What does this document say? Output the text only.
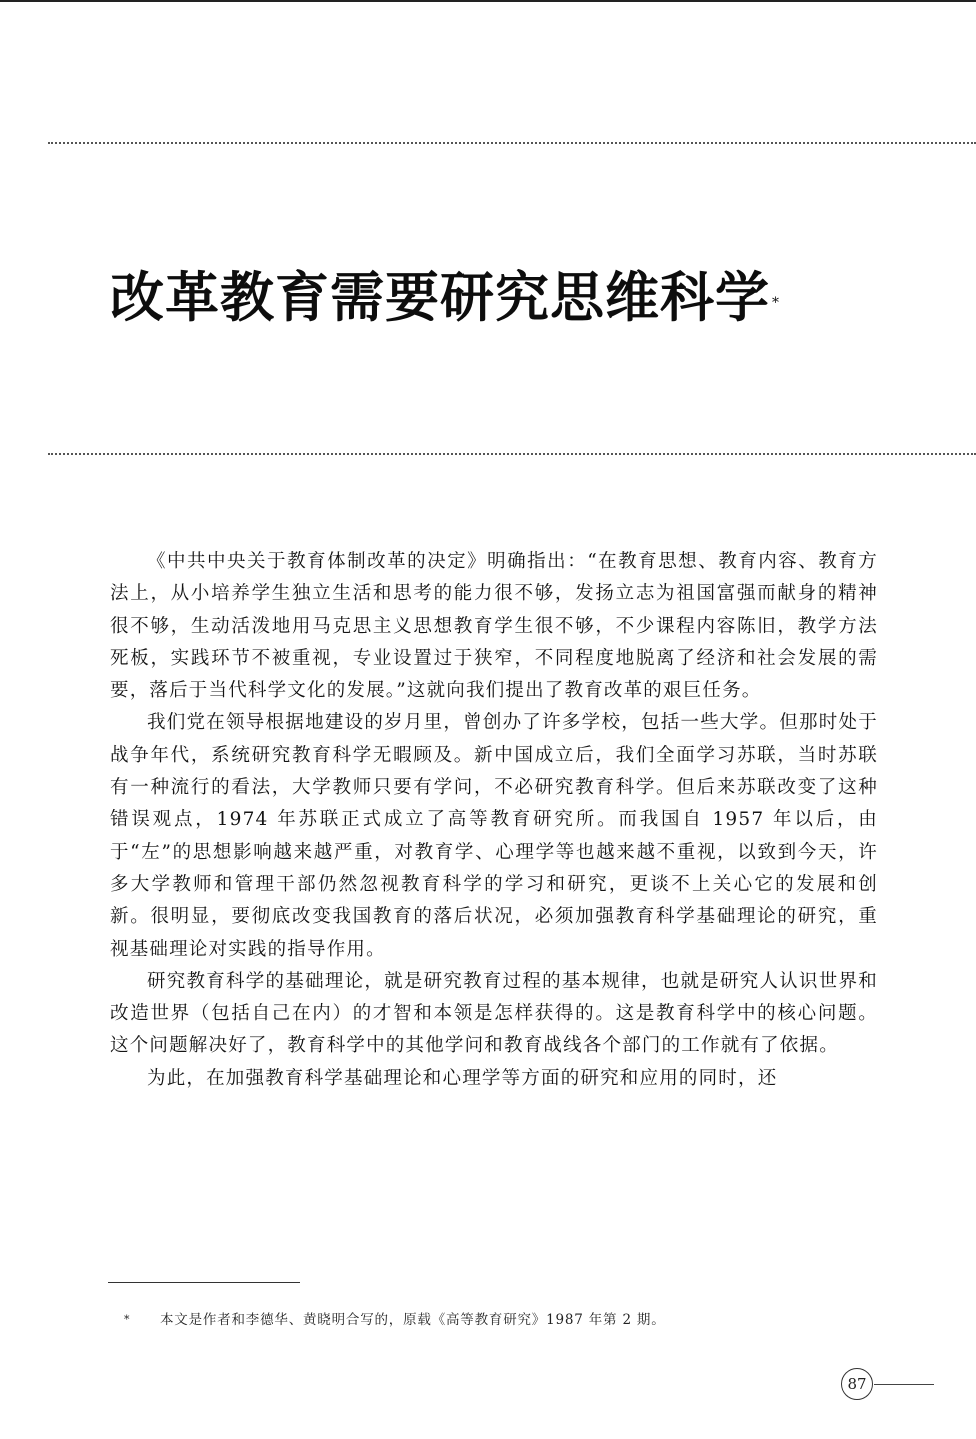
改革教育需要研究思维科学 *

《中共中央关于教育体制改革的决定》明确指出：“在教育思想、教育内容、教育方法上，从小培养学生独立生活和思考的能力很不够，发扬立志为祖国富强而献身的精神很不够，生动活泼地用马克思主义思想教育学生很不够，不少课程内容陈旧，教学方法死板，实践环节不被重视，专业设置过于狭窄，不同程度地脱离了经济和社会发展的需要，落后于当代科学文化的发展。”这就向我们提出了教育改革的艰巨任务。

我们党在领导根据地建设的岁月里，曾创办了许多学校，包括一些大学。但那时处于战争年代，系统研究教育科学无暇顾及。新中国成立后，我们全面学习苏联，当时苏联有一种流行的看法，大学教师只要有学问，不必研究教育科学。但后来苏联改变了这种错误观点，1974 年苏联正式成立了高等教育研究所。而我国自 1957 年以后，由于“左”的思想影响越来越严重，对教育学、心理学等也越来越不重视，以致到今天，许多大学教师和管理干部仍然忽视教育科学的学习和研究，更谈不上关心它的发展和创新。很明显，要彻底改变我国教育的落后状况，必须加强教育科学基础理论的研究，重视基础理论对实践的指导作用。

研究教育科学的基础理论，就是研究教育过程的基本规律，也就是研究人认识世界和改造世界（包括自己在内）的才智和本领是怎样获得的。这是教育科学中的核心问题。这个问题解决好了，教育科学中的其他学问和教育战线各个部门的工作就有了依据。

为此，在加强教育科学基础理论和心理学等方面的研究和应用的同时，还

* 本文是作者和李德华、黄晓明合写的，原载《高等教育研究》1987 年第 2 期。
87
